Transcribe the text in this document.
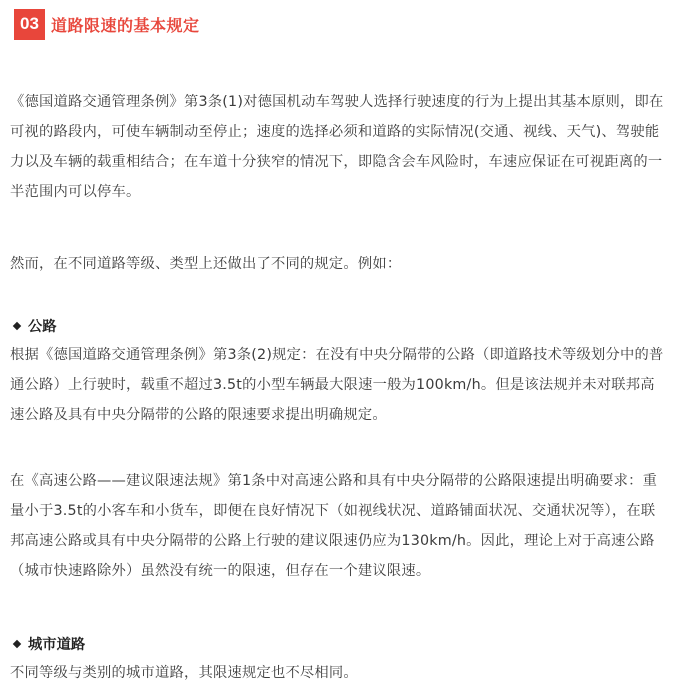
03 道路限速的基本规定

《德国道路交通管理条例》第3条(1)对德国机动车驾驶人选择行驶速度的行为上提出其基本原则，即在可视的路段内，可使车辆制动至停止；速度的选择必须和道路的实际情况(交通、视线、天气)、驾驶能力以及车辆的载重相结合；在车道十分狭窄的情况下，即隐含会车风险时，车速应保证在可视距离的一半范围内可以停车。

然而，在不同道路等级、类型上还做出了不同的规定。例如：

公路

根据《德国道路交通管理条例》第3条(2)规定：在没有中央分隔带的公路（即道路技术等级划分中的普通公路）上行驶时，载重不超过3.5t的小型车辆最大限速一般为100km/h。但是该法规并未对联邦高速公路及具有中央分隔带的公路的限速要求提出明确规定。

在《高速公路——建议限速法规》第1条中对高速公路和具有中央分隔带的公路限速提出明确要求：重量小于3.5t的小客车和小货车，即便在良好情况下（如视线状况、道路铺面状况、交通状况等），在联邦高速公路或具有中央分隔带的公路上行驶的建议限速仍应为130km/h。因此，理论上对于高速公路（城市快速路除外）虽然没有统一的限速，但存在一个建议限速。

城市道路

不同等级与类别的城市道路，其限速规定也不尽相同。
